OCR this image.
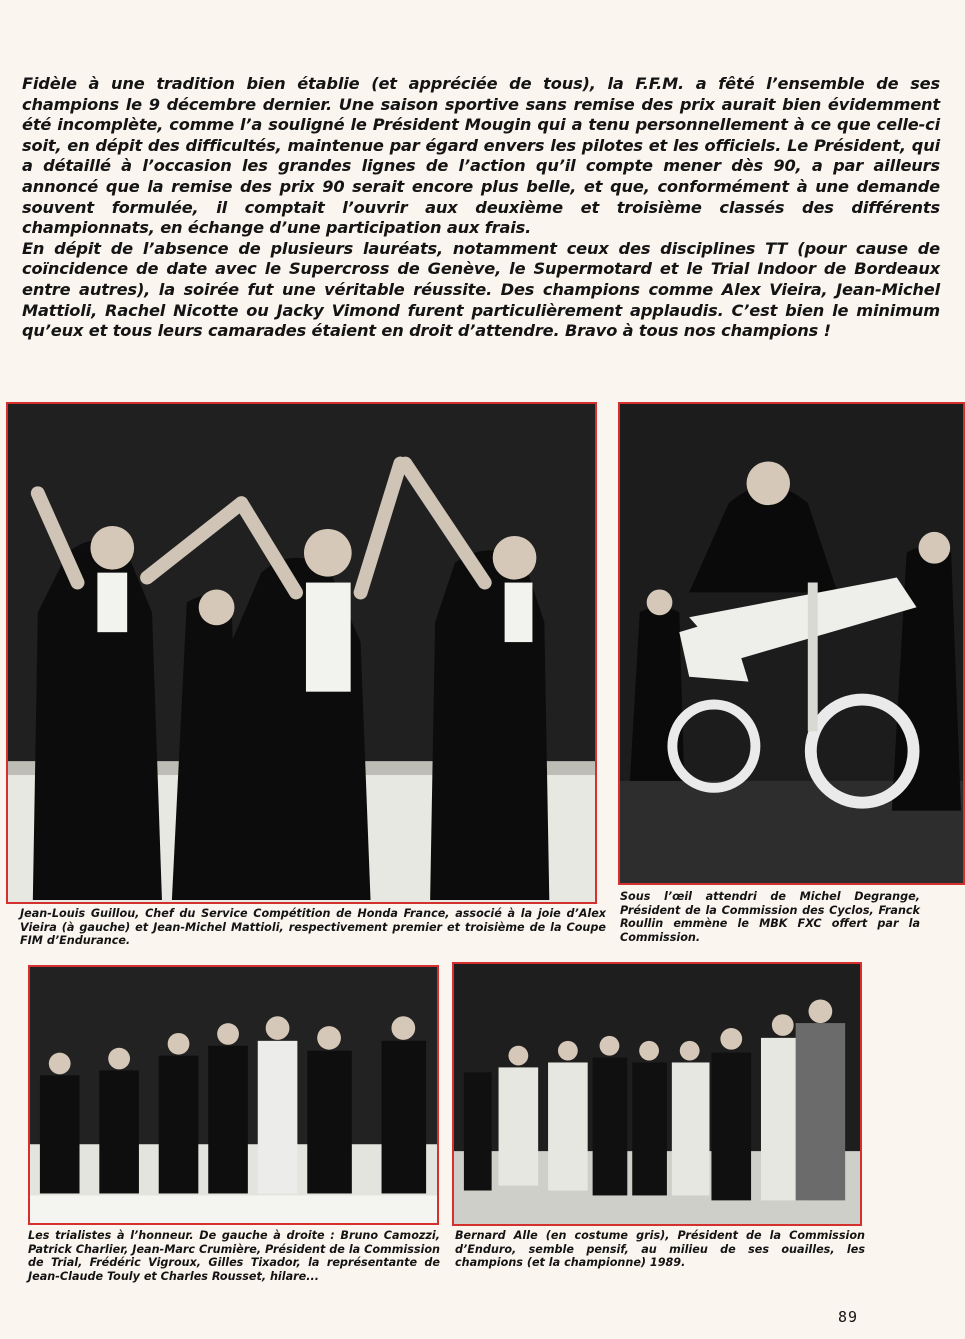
Fidèle à une tradition bien établie (et appréciée de tous), la F.F.M. a fêté l’ensemble de ses champions le 9 décembre dernier. Une saison sportive sans remise des prix aurait bien évidemment été incomplète, comme l’a souligné le Président Mougin qui a tenu personnellement à ce que celle-ci soit, en dépit des difficultés, maintenue par égard envers les pilotes et les officiels. Le Président, qui a détaillé à l’occasion les grandes lignes de l’action qu’il compte mener dès 90, a par ailleurs annoncé que la remise des prix 90 serait encore plus belle, et que, conformément à une demande souvent formulée, il comptait l’ouvrir aux deuxième et troisième classés des différents championnats, en échange d’une participation aux frais.

En dépit de l’absence de plusieurs lauréats, notamment ceux des disciplines TT (pour cause de coïncidence de date avec le Supercross de Genève, le Supermotard et le Trial Indoor de Bordeaux entre autres), la soirée fut une véritable réussite. Des champions comme Alex Vieira, Jean-Michel Mattioli, Rachel Nicotte ou Jacky Vimond furent particulièrement applaudis. C’est bien le minimum qu’eux et tous leurs camarades étaient en droit d’attendre. Bravo à tous nos champions !

Sous l’œil attendri de Michel Degrange, Président de la Commission des Cyclos, Franck Roullin emmène le MBK FXC offert par la Commission.
Jean-Louis Guillou, Chef du Service Compétition de Honda France, associé à la joie d’Alex Vieira (à gauche) et Jean-Michel Mattioli, respectivement premier et troisième de la Coupe FIM d’Endurance.
Les trialistes à l’honneur. De gauche à droite : Bruno Camozzi, Patrick Charlier, Jean-Marc Crumière, Président de la Commission de Trial, Frédéric Vigroux, Gilles Tixador, la représentante de Jean-Claude Touly et Charles Rousset, hilare...
Bernard Alle (en costume gris), Président de la Commission d’Enduro, semble pensif, au milieu de ses ouailles, les champions (et la championne) 1989.
89
